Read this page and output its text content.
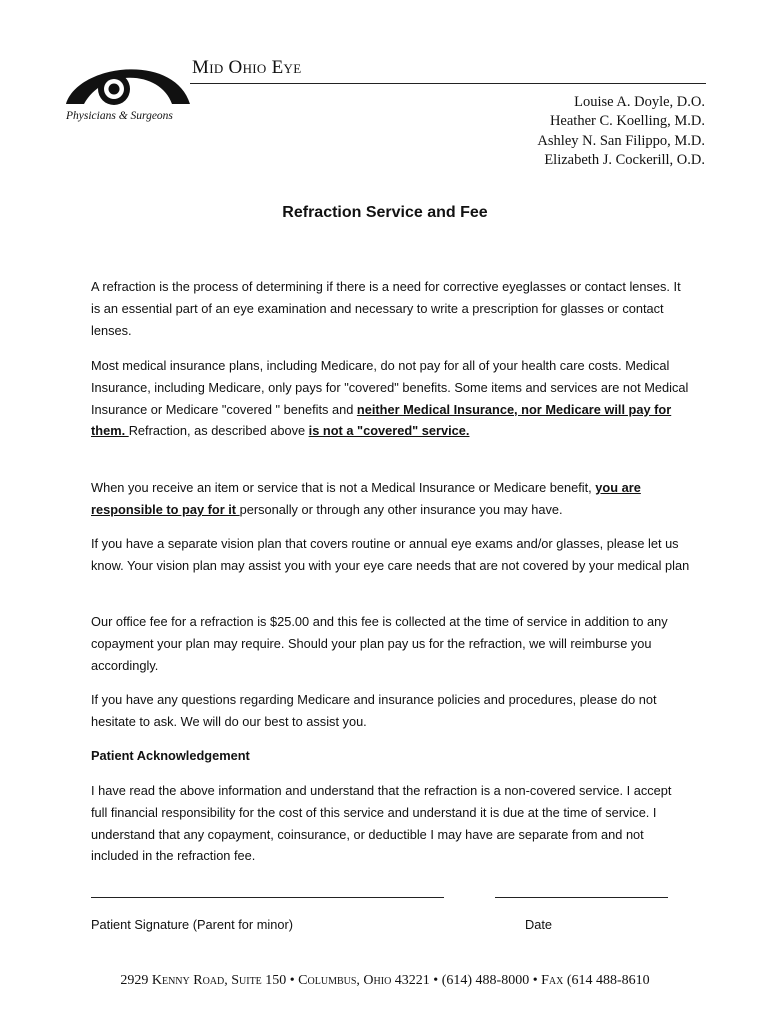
Physicians & Surgeons
Mid Ohio Eye
Louise A. Doyle, D.O.
Heather C. Koelling, M.D.
Ashley N. San Filippo, M.D.
Elizabeth J. Cockerill, O.D.
Refraction Service and Fee

A refraction is the process of determining if there is a need for corrective eyeglasses or contact lenses. It is an essential part of an eye examination and necessary to write a prescription for glasses or contact lenses.

Most medical insurance plans, including Medicare, do not pay for all of your health care costs. Medical Insurance, including Medicare, only pays for "covered" benefits. Some items and services are not Medical Insurance or Medicare "covered " benefits and neither Medical Insurance, nor Medicare will pay for them. Refraction, as described above is not a "covered" service.

When you receive an item or service that is not a Medical Insurance or Medicare benefit, you are responsible to pay for it personally or through any other insurance you may have.

If you have a separate vision plan that covers routine or annual eye exams and/or glasses, please let us know. Your vision plan may assist you with your eye care needs that are not covered by your medical plan

Our office fee for a refraction is $25.00 and this fee is collected at the time of service in addition to any copayment your plan may require. Should your plan pay us for the refraction, we will reimburse you accordingly.

If you have any questions regarding Medicare and insurance policies and procedures, please do not hesitate to ask. We will do our best to assist you.

Patient Acknowledgement

I have read the above information and understand that the refraction is a non-covered service. I accept full financial responsibility for the cost of this service and understand it is due at the time of service. I understand that any copayment, coinsurance, or deductible I may have are separate from and not included in the refraction fee.

Patient Signature (Parent for minor)	Date
2929 Kenny Road, Suite 150 • Columbus, Ohio 43221 • (614) 488-8000 • Fax (614 488-8610
